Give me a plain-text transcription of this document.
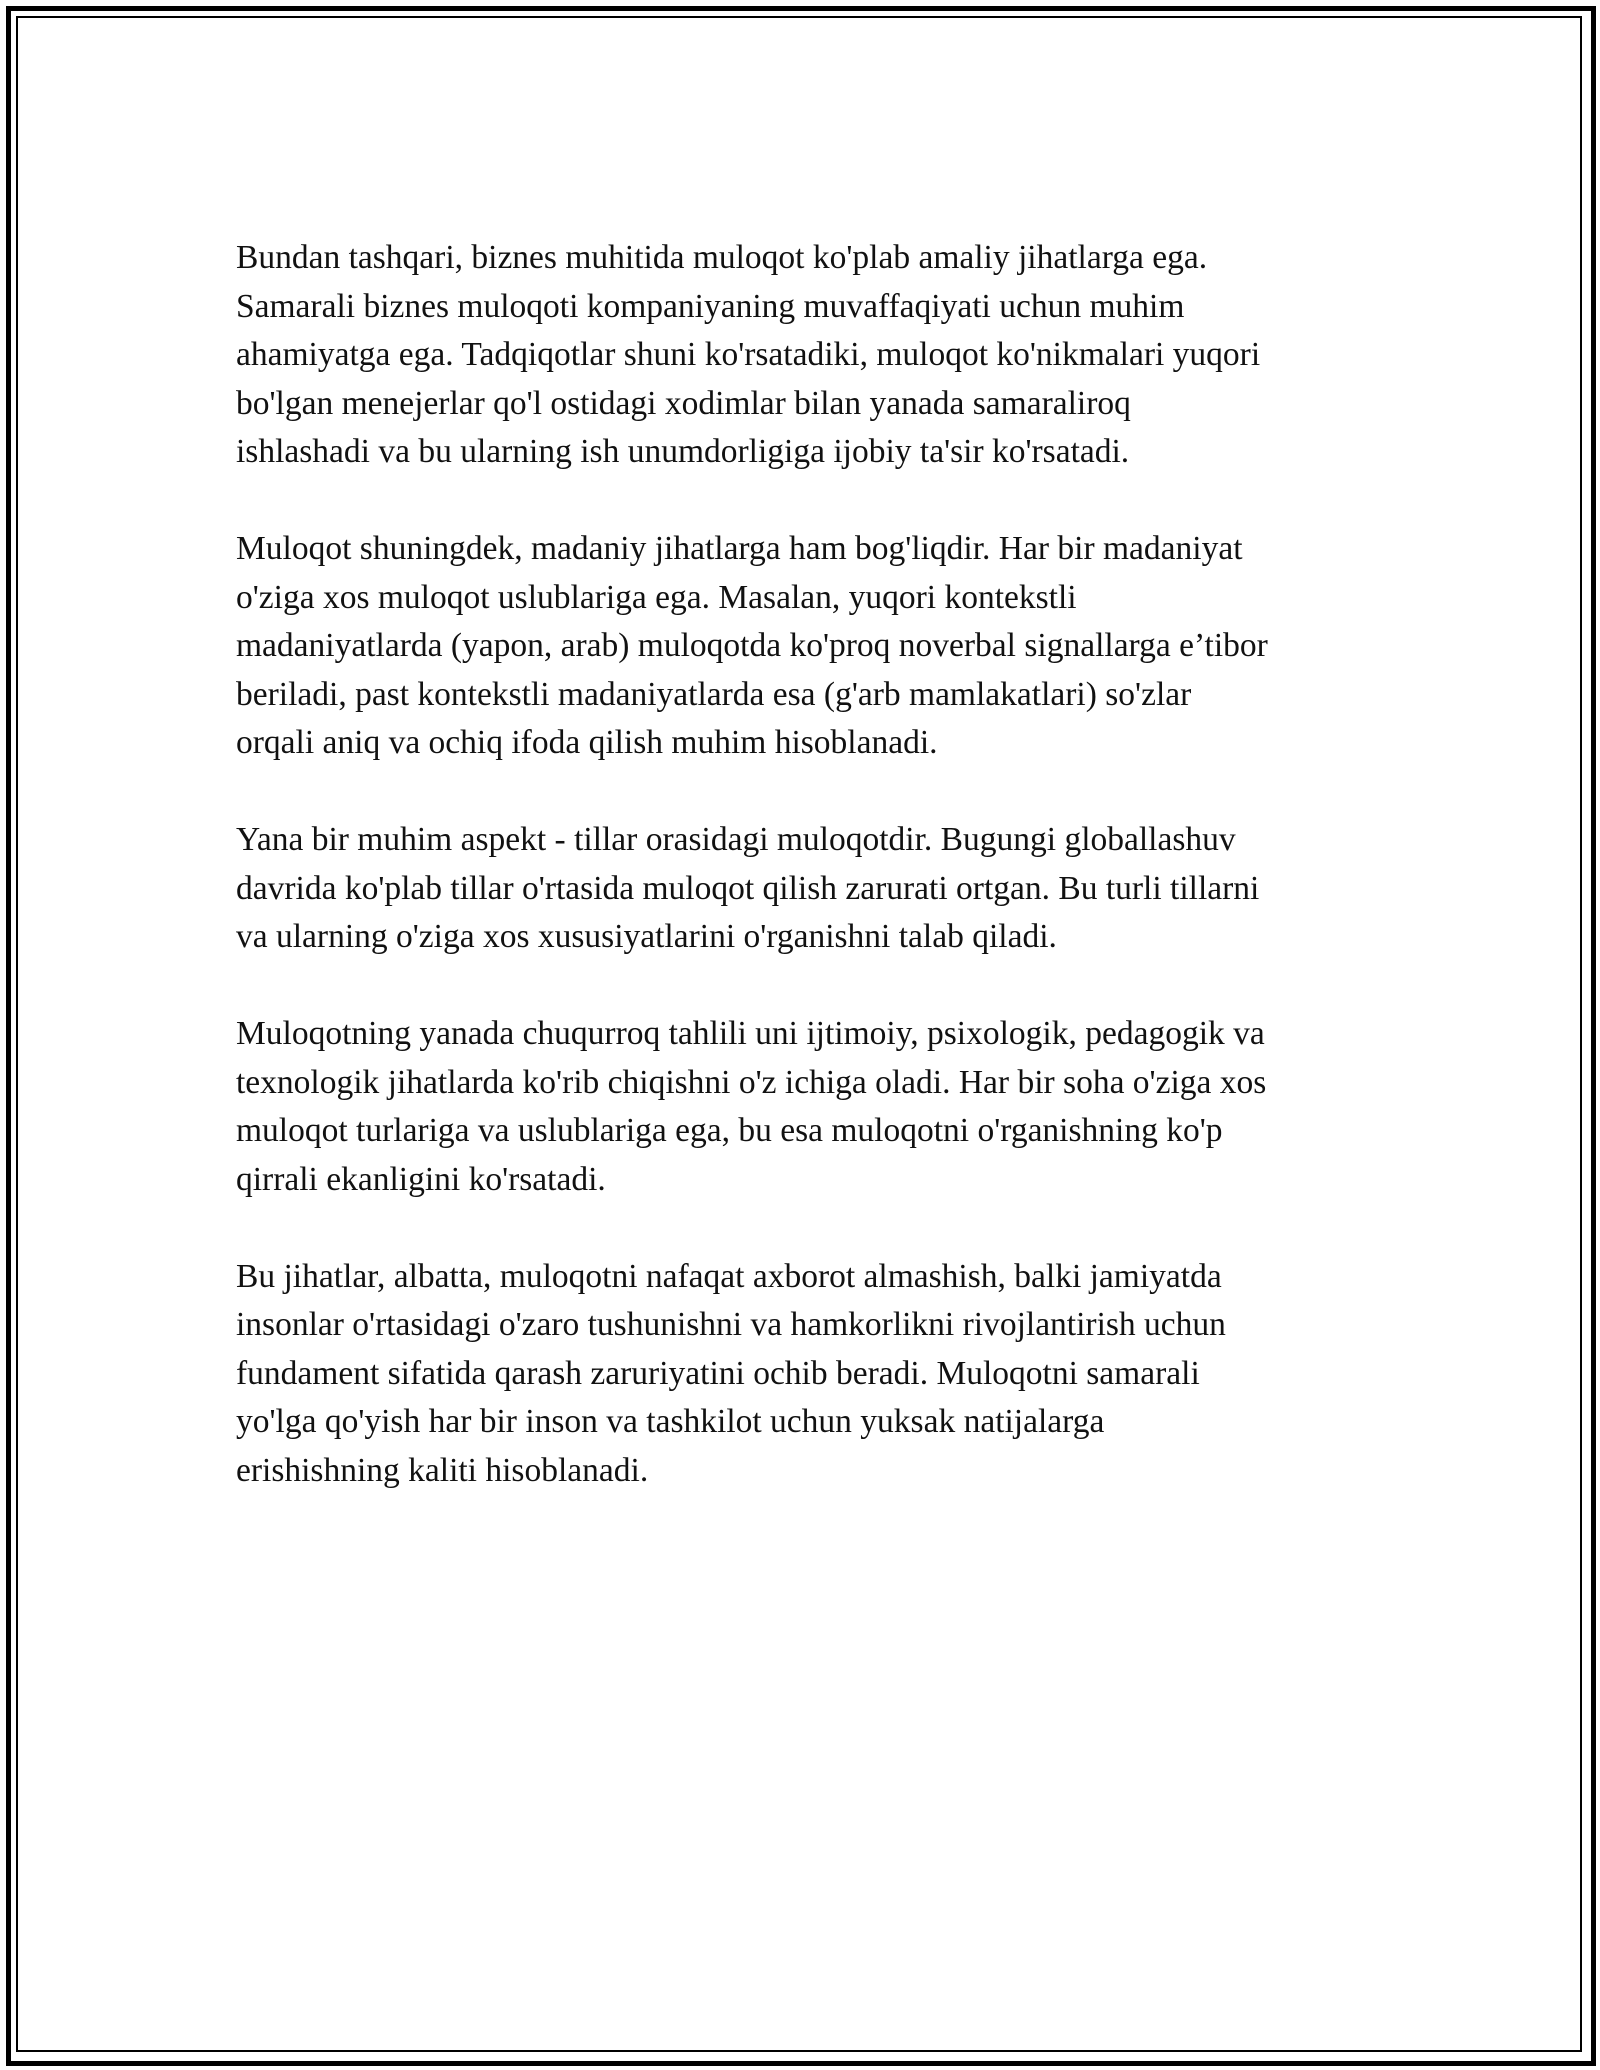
Bundan tashqari, biznes muhitida muloqot ko'plab amaliy jihatlarga ega.
Samarali biznes muloqoti kompaniyaning muvaffaqiyati uchun muhim
ahamiyatga ega. Tadqiqotlar shuni ko'rsatadiki, muloqot ko'nikmalari yuqori
bo'lgan menejerlar qo'l ostidagi xodimlar bilan yanada samaraliroq
ishlashadi va bu ularning ish unumdorligiga ijobiy ta'sir ko'rsatadi.

Muloqot shuningdek, madaniy jihatlarga ham bog'liqdir. Har bir madaniyat
o'ziga xos muloqot uslublariga ega. Masalan, yuqori kontekstli
madaniyatlarda (yapon, arab) muloqotda ko'proq noverbal signallarga e’tibor
beriladi, past kontekstli madaniyatlarda esa (g'arb mamlakatlari) so'zlar
orqali aniq va ochiq ifoda qilish muhim hisoblanadi.

Yana bir muhim aspekt - tillar orasidagi muloqotdir. Bugungi globallashuv
davrida ko'plab tillar o'rtasida muloqot qilish zarurati ortgan. Bu turli tillarni
va ularning o'ziga xos xususiyatlarini o'rganishni talab qiladi.

Muloqotning yanada chuqurroq tahlili uni ijtimoiy, psixologik, pedagogik va
texnologik jihatlarda ko'rib chiqishni o'z ichiga oladi. Har bir soha o'ziga xos
muloqot turlariga va uslublariga ega, bu esa muloqotni o'rganishning ko'p
qirrali ekanligini ko'rsatadi.

Bu jihatlar, albatta, muloqotni nafaqat axborot almashish, balki jamiyatda
insonlar o'rtasidagi o'zaro tushunishni va hamkorlikni rivojlantirish uchun
fundament sifatida qarash zaruriyatini ochib beradi. Muloqotni samarali
yo'lga qo'yish har bir inson va tashkilot uchun yuksak natijalarga
erishishning kaliti hisoblanadi.
